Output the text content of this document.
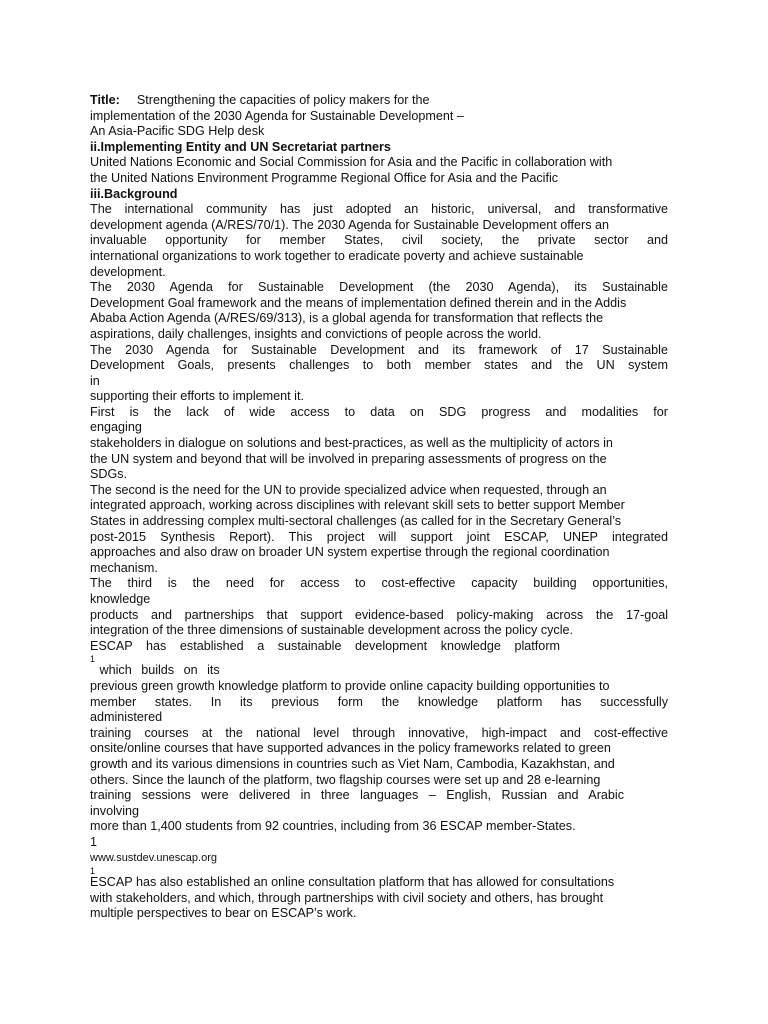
Title: Strengthening the capacities of policy makers for the
implementation of the 2030 Agenda for Sustainable Development –
An Asia-Pacific SDG Help desk
ii.Implementing Entity and UN Secretariat partners
United Nations Economic and Social Commission for Asia and the Pacific in collaboration with
the United Nations Environment Programme Regional Office for Asia and the Pacific
iii.Background
The international community has just adopted an historic, universal, and transformative
development agenda (A/RES/70/1). The 2030 Agenda for Sustainable Development offers an
invaluable opportunity for member States, civil society, the private sector and
international organizations to work together to eradicate poverty and achieve sustainable
development.
The 2030 Agenda for Sustainable Development (the 2030 Agenda), its Sustainable
Development Goal framework and the means of implementation defined therein and in the Addis
Ababa Action Agenda (A/RES/69/313), is a global agenda for transformation that reflects the
aspirations, daily challenges, insights and convictions of people across the world.
The 2030 Agenda for Sustainable Development and its framework of 17 Sustainable
Development Goals, presents challenges to both member states and the UN system
in
supporting their efforts to implement it.
First is the lack of wide access to data on SDG progress and modalities for
engaging
stakeholders in dialogue on solutions and best-practices, as well as the multiplicity of actors in
the UN system and beyond that will be involved in preparing assessments of progress on the
SDGs.
The second is the need for the UN to provide specialized advice when requested, through an
integrated approach, working across disciplines with relevant skill sets to better support Member
States in addressing complex multi-sectoral challenges (as called for in the Secretary General’s
post-2015 Synthesis Report). This project will support joint ESCAP, UNEP integrated
approaches and also draw on broader UN system expertise through the regional coordination
mechanism.
The third is the need for access to cost-effective capacity building opportunities,
knowledge
products and partnerships that support evidence-based policy-making across the 17-goal
integration of the three dimensions of sustainable development across the policy cycle.
ESCAP has established a sustainable development knowledge platform
1
which builds on its
previous green growth knowledge platform to provide online capacity building opportunities to
member states. In its previous form the knowledge platform has successfully
administered
training courses at the national level through innovative, high-impact and cost-effective
onsite/online courses that have supported advances in the policy frameworks related to green
growth and its various dimensions in countries such as Viet Nam, Cambodia, Kazakhstan, and
others. Since the launch of the platform, two flagship courses were set up and 28 e-learning
training sessions were delivered in three languages – English, Russian and Arabic
involving
more than 1,400 students from 92 countries, including from 36 ESCAP member-States.
1
www.sustdev.unescap.org
1
ESCAP has also established an online consultation platform that has allowed for consultations
with stakeholders, and which, through partnerships with civil society and others, has brought
multiple perspectives to bear on ESCAP’s work.
